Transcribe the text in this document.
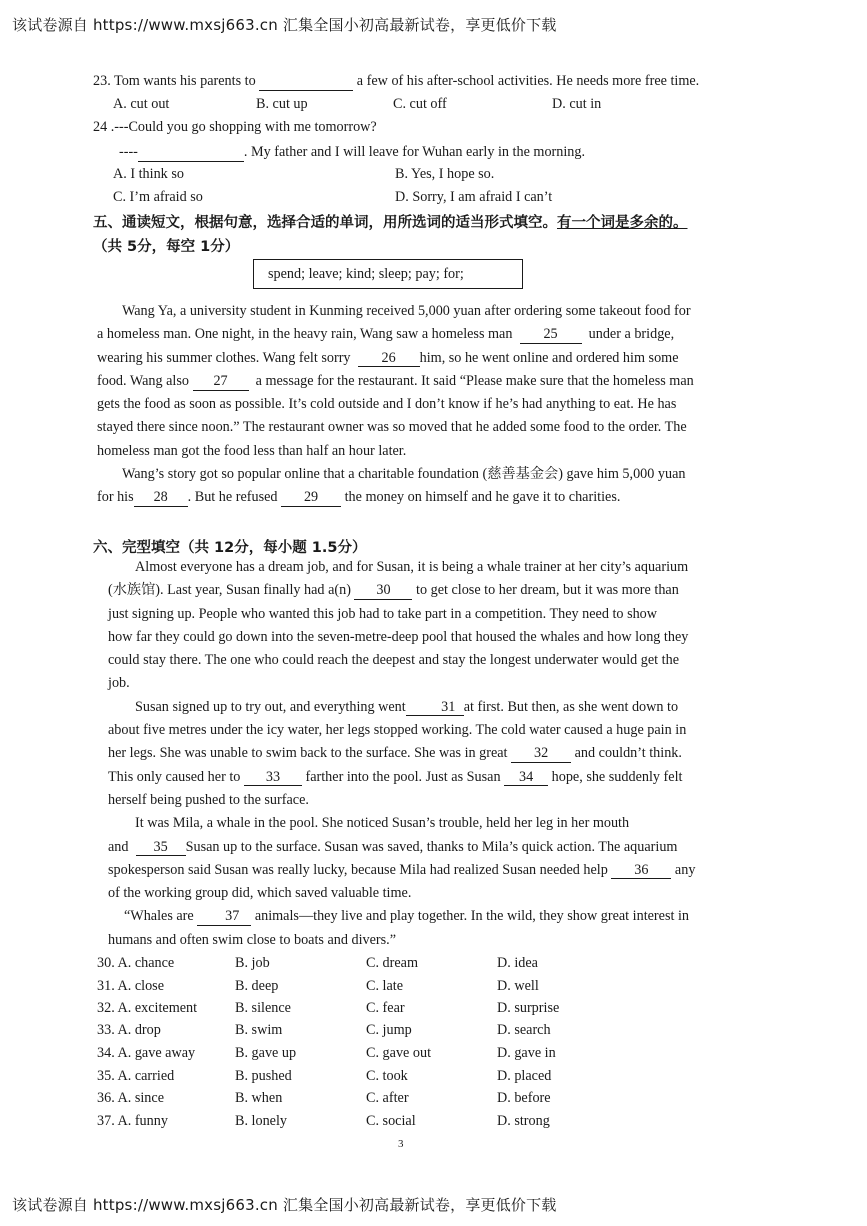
该试卷源自 https://www.mxsj663.cn 汇集全国小初高最新试卷，享更低价下载
23. Tom wants his parents to	a few of his after-school activities. He needs more free time.
A. cut out	B. cut up	C. cut off	D. cut in
24 .---Could you go shopping with me tomorrow?
----	. My father and I will leave for Wuhan early in the morning.
A. I think so	B. Yes, I hope so.
C. I’m afraid so	D. Sorry, I am afraid I can’t
五、通读短文，根据句意，选择合适的单词，用所选词的适当形式填空。有一个词是多余的。
（共 5分，每空 1分）
spend; leave; kind; sleep; pay; for;
Wang Ya, a university student in Kunming received 5,000 yuan after ordering some takeout food for
a homeless man. One night, in the heavy rain, Wang saw a homeless man 25 under a bridge,
wearing his summer clothes. Wang felt sorry 26 him, so he went online and ordered him some
food. Wang also 27 a message for the restaurant. It said “Please make sure that the homeless man
gets the food as soon as possible. It’s cold outside and I don’t know if he’s had anything to eat. He has
stayed there since noon.” The restaurant owner was so moved that he added some food to the order. The
homeless man got the food less than half an hour later.
Wang’s story got so popular online that a charitable foundation (慈善基金会) gave him 5,000 yuan
for his 28 . But he refused 29 the money on himself and he gave it to charities.
六、完型填空（共 12分，每小题 1.5分）
Almost everyone has a dream job, and for Susan, it is being a whale trainer at her city’s aquarium
(水族馆). Last year, Susan finally had a(n) 30 to get close to her dream, but it was more than
just signing up. People who wanted this job had to take part in a competition. They need to show
how far they could go down into the seven-metre-deep pool that housed the whales and how long they
could stay there. The one who could reach the deepest and stay the longest underwater would get the
job.
Susan signed up to try out, and everything went 31 at first. But then, as she went down to
about five metres under the icy water, her legs stopped working. The cold water caused a huge pain in
her legs. She was unable to swim back to the surface. She was in great 32 and couldn’t think.
This only caused her to 33 farther into the pool. Just as Susan 34 hope, she suddenly felt
herself being pushed to the surface.
It was Mila, a whale in the pool. She noticed Susan’s trouble, held her leg in her mouth
and 35 Susan up to the surface. Susan was saved, thanks to Mila’s quick action. The aquarium
spokesperson said Susan was really lucky, because Mila had realized Susan needed help 36 any
of the working group did, which saved valuable time.
“Whales are 37 animals—they live and play together. In the wild, they show great interest in
humans and often swim close to boats and divers.”
30. A. chance	B. job	C. dream	D. idea
31. A. close	B. deep	C. late	D. well
32. A. excitement	B. silence	C. fear	D. surprise
33. A. drop	B. swim	C. jump	D. search
34. A. gave away	B. gave up	C. gave out	D. gave in
35. A. carried	B. pushed	C. took	D. placed
36. A. since	B. when	C. after	D. before
37. A. funny	B. lonely	C. social	D. strong
3
该试卷源自 https://www.mxsj663.cn 汇集全国小初高最新试卷，享更低价下载
